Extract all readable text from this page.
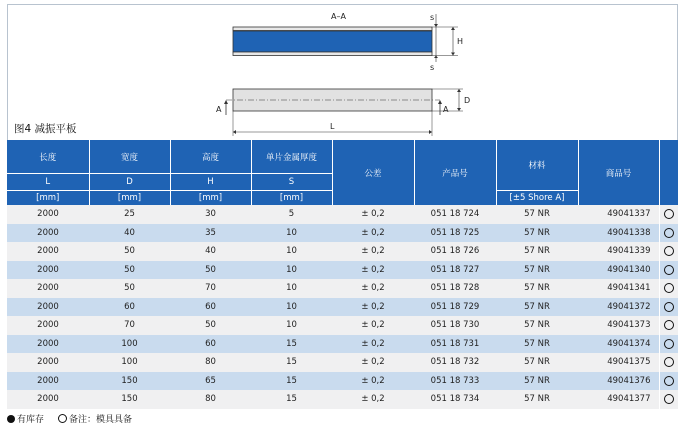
A–A	s
s
H
A	A
D
L
图4 减振平板
长度	宽度	高度	单片金属厚度	公差	产品号	材料	商品号	
L	D	H	S					
[mm]	[mm]	[mm]	[mm]			[±5 Shore A]		
2000	25	30	5	± 0,2	051 18 724	57 NR	49041337	
2000	40	35	10	± 0,2	051 18 725	57 NR	49041338	
2000	50	40	10	± 0,2	051 18 726	57 NR	49041339	
2000	50	50	10	± 0,2	051 18 727	57 NR	49041340	
2000	50	70	10	± 0,2	051 18 728	57 NR	49041341	
2000	60	60	10	± 0,2	051 18 729	57 NR	49041372	
2000	70	50	10	± 0,2	051 18 730	57 NR	49041373	
2000	100	60	15	± 0,2	051 18 731	57 NR	49041374	
2000	100	80	15	± 0,2	051 18 732	57 NR	49041375	
2000	150	65	15	± 0,2	051 18 733	57 NR	49041376	
2000	150	80	15	± 0,2	051 18 734	57 NR	49041377	
有库存	备注：模具具备
